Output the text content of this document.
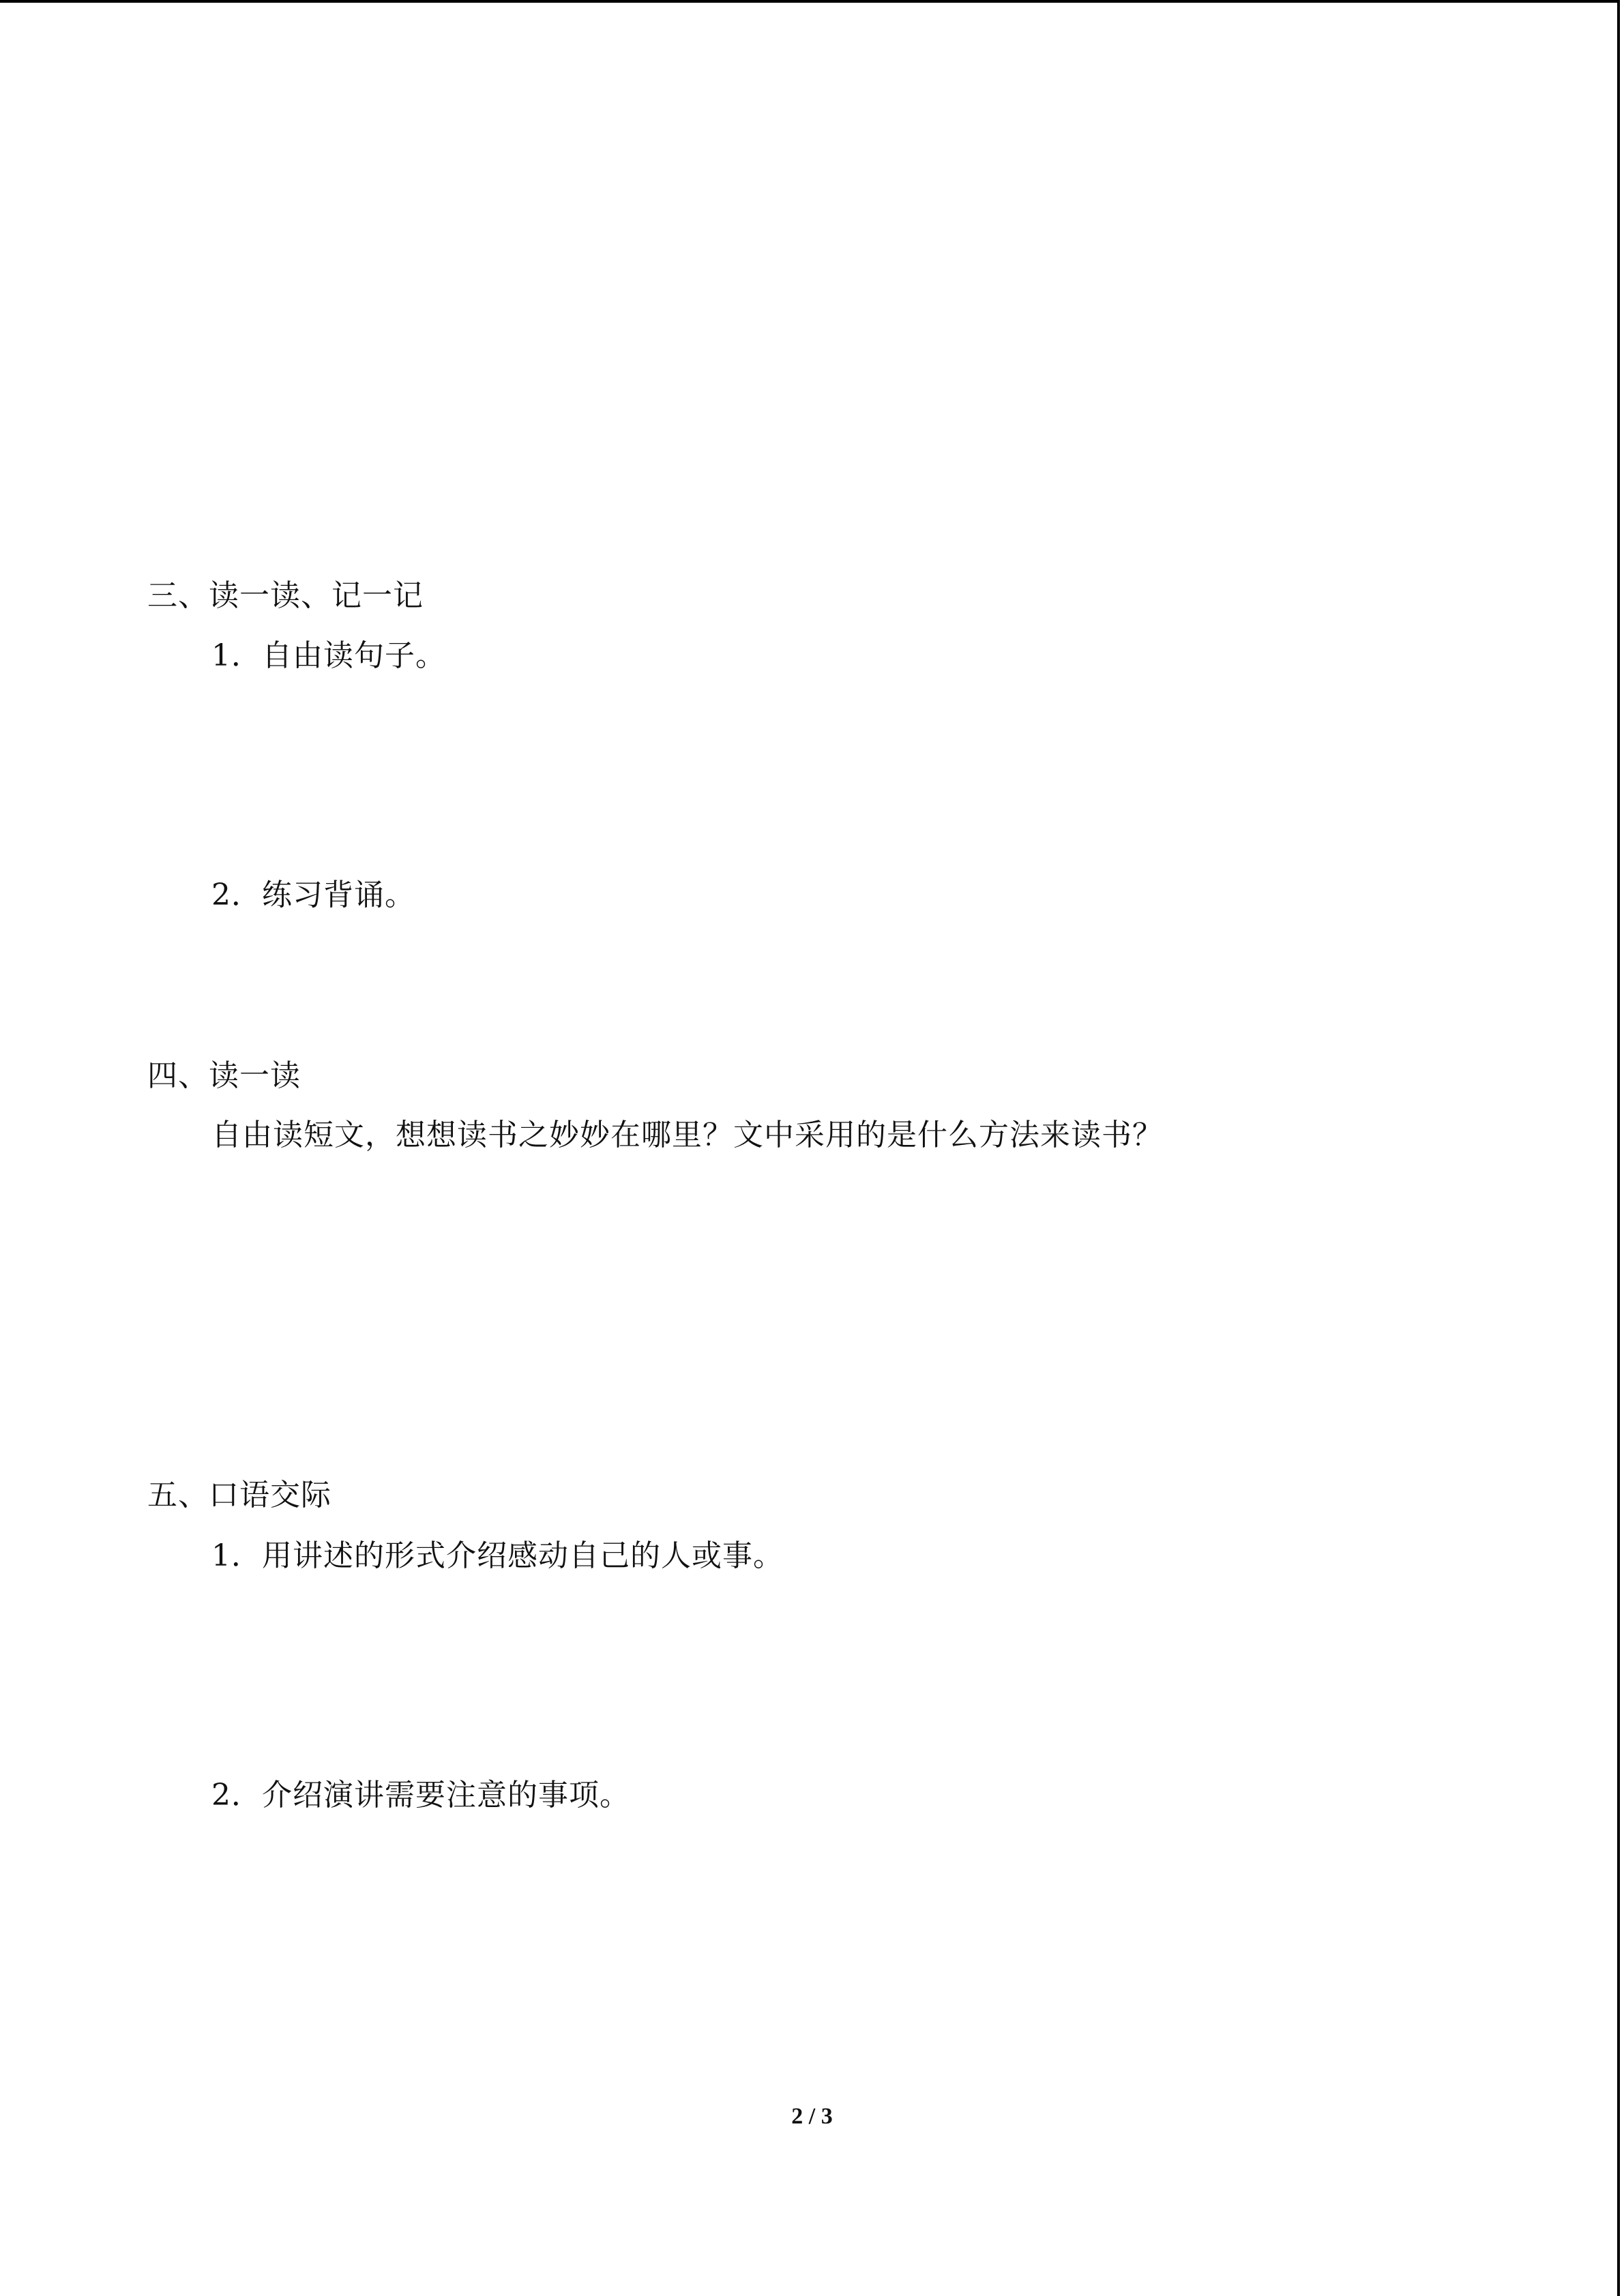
三、读一读、记一记
1．自由读句子。
2．练习背诵。
四、读一读
自由读短文，想想读书之妙妙在哪里？文中采用的是什么方法来读书？
五、口语交际
1．用讲述的形式介绍感动自己的人或事。
2．介绍演讲需要注意的事项。
2 / 3
